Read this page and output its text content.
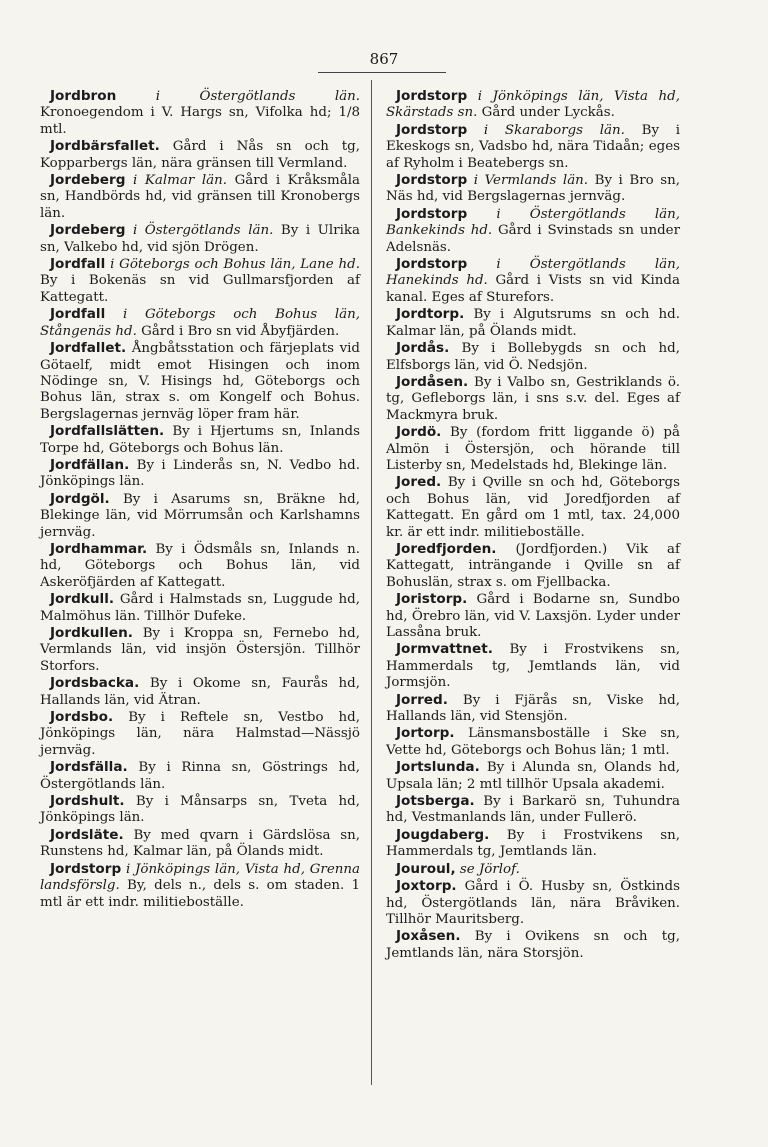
867

Jordbron	i Östergötlands län. Kronoegendom i V. Hargs sn, Vifolka hd; 1/8 mtl.

Jordbärsfallet. Gård i Nås sn och tg, Kopparbergs län, nära gränsen till Vermland.

Jordeberg i Kalmar län. Gård i Kråksmåla sn, Handbörds hd, vid gränsen till Kronobergs län.

Jordeberg i Östergötlands län. By i Ulrika sn, Valkebo hd, vid sjön Drögen.

Jordfall i Göteborgs och Bohus län, Lane hd. By i Bokenäs sn vid Gullmarsfjorden af Kattegatt.

Jordfall i Göteborgs och Bohus län, Stångenäs hd. Gård i Bro sn vid Åbyfjärden.

Jordfallet. Ångbåtsstation och färjeplats vid Götaelf, midt emot Hisingen och inom Nödinge sn, V. Hisings hd, Göteborgs och Bohus län, strax s. om Kongelf och Bohus. Bergslagernas jernväg löper fram här.

Jordfallslätten. By i Hjertums sn, Inlands Torpe hd, Göteborgs och Bohus län.

Jordfällan. By i Linderås sn, N. Vedbo hd. Jönköpings län.

Jordgöl. By i Asarums sn, Bräkne hd, Blekinge län, vid Mörrumsån och Karlshamns jernväg.

Jordhammar. By i Ödsmåls sn, Inlands n. hd, Göteborgs och Bohus län, vid Askeröfjärden af Kattegatt.

Jordkull. Gård i Halmstads sn, Luggude hd, Malmöhus län. Tillhör Dufeke.

Jordkullen. By i Kroppa sn, Fernebo hd, Vermlands län, vid insjön Östersjön. Tillhör Storfors.

Jordsbacka. By i Okome sn, Faurås hd, Hallands län, vid Ätran.

Jordsbo. By i Reftele sn, Vestbo hd, Jönköpings län, nära Halmstad—Nässjö jernväg.

Jordsfälla. By i Rinna sn, Göstrings hd, Östergötlands län.

Jordshult. By i Månsarps sn, Tveta hd, Jönköpings län.

Jordsläte. By med qvarn i Gärdslösa sn, Runstens hd, Kalmar län, på Ölands midt.

Jordstorp i Jönköpings län, Vista hd, Grenna landsförslg. By, dels n., dels s. om staden. 1 mtl är ett indr. militieboställe.

Jordstorp i Jönköpings län, Vista hd, Skärstads sn. Gård under Lyckås.

Jordstorp i Skaraborgs län. By i Ekeskogs sn, Vadsbo hd, nära Tidaån; eges af Ryholm i Beatebergs sn.

Jordstorp i Vermlands län. By i Bro sn, Näs hd, vid Bergslagernas jernväg.

Jordstorp i Östergötlands län, Bankekinds hd. Gård i Svinstads sn under Adelsnäs.

Jordstorp i Östergötlands län, Hanekinds hd. Gård i Vists sn vid Kinda kanal. Eges af Sturefors.

Jordtorp. By i Algutsrums sn och hd. Kalmar län, på Ölands midt.

Jordås. By i Bollebygds sn och hd, Elfsborgs län, vid Ö. Nedsjön.

Jordåsen. By i Valbo sn, Gestriklands ö. tg, Gefleborgs län, i sns s.v. del. Eges af Mackmyra bruk.

Jordö. By (fordom fritt liggande ö) på Almön i Östersjön, och hörande till Listerby sn, Medelstads hd, Blekinge län.

Jored. By i Qville sn och hd, Göteborgs och Bohus län, vid Joredfjorden af Kattegatt. En gård om 1 mtl, tax. 24,000 kr. är ett indr. militieboställe.

Joredfjorden. (Jordfjorden.) Vik af Kattegatt, inträngande i Qville sn af Bohuslän, strax s. om Fjellbacka.

Joristorp. Gård i Bodarne sn, Sundbo hd, Örebro län, vid V. Laxsjön. Lyder under Lassåna bruk.

Jormvattnet. By i Frostvikens sn, Hammerdals tg, Jemtlands län, vid Jormsjön.

Jorred. By i Fjärås sn, Viske hd, Hallands län, vid Stensjön.

Jortorp. Länsmansboställe i Ske sn, Vette hd, Göteborgs och Bohus län; 1 mtl.

Jortslunda. By i Alunda sn, Olands hd, Upsala län; 2 mtl tillhör Upsala akademi.

Jotsberga. By i Barkarö sn, Tuhundra hd, Vestmanlands län, under Fullerö.

Jougdaberg. By i Frostvikens sn, Hammerdals tg, Jemtlands län.

Jouroul, se Jörlof.

Joxtorp. Gård i Ö. Husby sn, Östkinds hd, Östergötlands län, nära Bråviken. Tillhör Mauritsberg.

Joxåsen. By i Ovikens sn och tg, Jemtlands län, nära Storsjön.
